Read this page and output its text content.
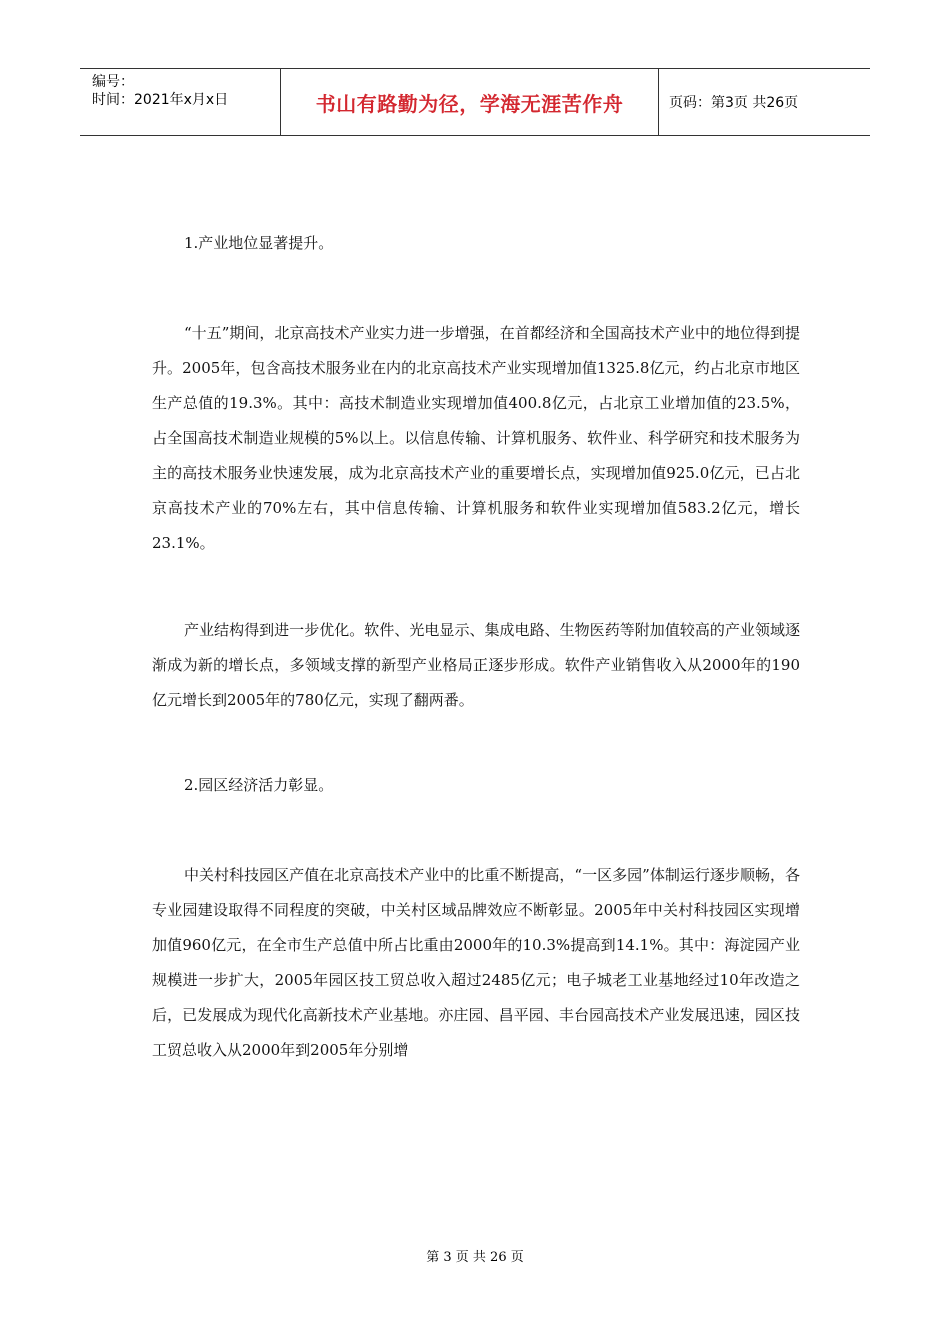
编号：
时间：2021年x月x日	书山有路勤为径，学海无涯苦作舟	页码：第3页 共26页

1.产业地位显著提升。

“十五”期间，北京高技术产业实力进一步增强，在首都经济和全国高技术产业中的地位得到提升。2005年，包含高技术服务业在内的北京高技术产业实现增加值1325.8亿元，约占北京市地区生产总值的19.3%。其中：高技术制造业实现增加值400.8亿元，占北京工业增加值的23.5%，占全国高技术制造业规模的5%以上。以信息传输、计算机服务、软件业、科学研究和技术服务为主的高技术服务业快速发展，成为北京高技术产业的重要增长点，实现增加值925.0亿元，已占北京高技术产业的70%左右，其中信息传输、计算机服务和软件业实现增加值583.2亿元，增长23.1%。

产业结构得到进一步优化。软件、光电显示、集成电路、生物医药等附加值较高的产业领域逐渐成为新的增长点，多领域支撑的新型产业格局正逐步形成。软件产业销售收入从2000年的190亿元增长到2005年的780亿元，实现了翻两番。

2.园区经济活力彰显。

中关村科技园区产值在北京高技术产业中的比重不断提高，“一区多园”体制运行逐步顺畅，各专业园建设取得不同程度的突破，中关村区域品牌效应不断彰显。2005年中关村科技园区实现增加值960亿元，在全市生产总值中所占比重由2000年的10.3%提高到14.1%。其中：海淀园产业规模进一步扩大，2005年园区技工贸总收入超过2485亿元；电子城老工业基地经过10年改造之后，已发展成为现代化高新技术产业基地。亦庄园、昌平园、丰台园高技术产业发展迅速，园区技工贸总收入从2000年到2005年分别增

第 3 页 共 26 页
